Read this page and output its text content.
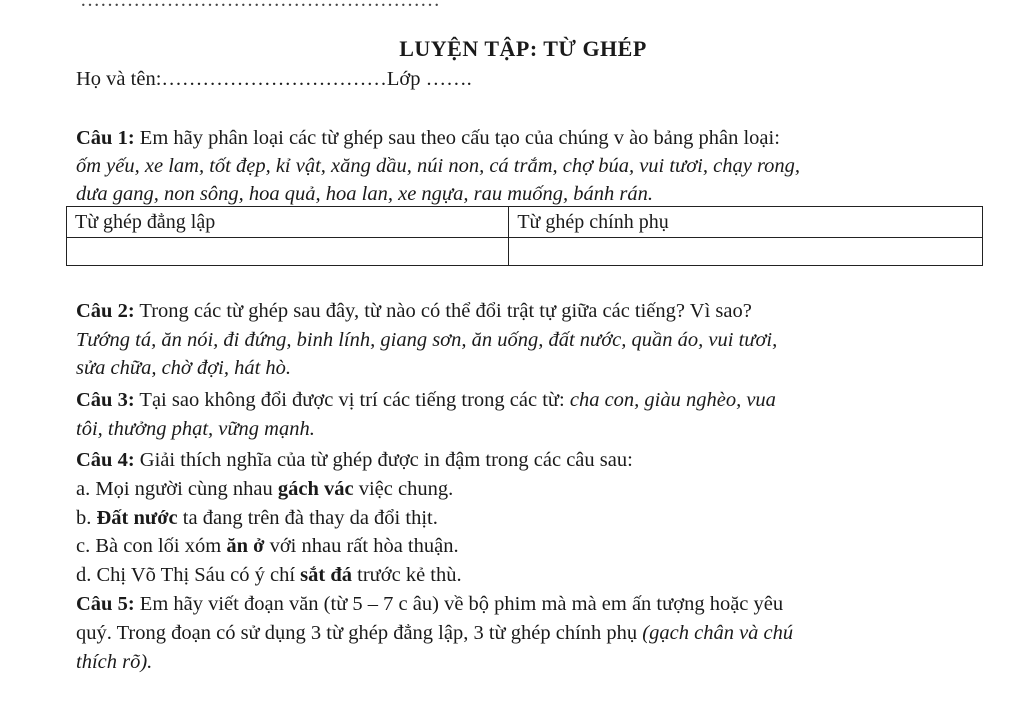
………………………………………………
LUYỆN TẬP: TỪ GHÉP
Họ và tên:……………………………Lớp …….
Câu 1: Em hãy phân loại các từ ghép sau theo cấu tạo của chúng v ào bảng phân loại:
ốm yếu, xe lam, tốt đẹp, kỉ vật, xăng dầu, núi non, cá trắm, chợ búa, vui tươi, chạy rong,
dưa gang, non sông, hoa quả, hoa lan, xe ngựa, rau muống, bánh rán.
Từ ghép đẳng lập	Từ ghép chính phụ

Câu 2: Trong các từ ghép sau đây, từ nào có thể đổi trật tự giữa các tiếng? Vì sao?
Tướng tá, ăn nói, đi đứng, binh lính, giang sơn, ăn uống, đất nước, quần áo, vui tươi,
sửa chữa, chờ đợi, hát hò.
Câu 3: Tại sao không đổi được vị trí các tiếng trong các từ: cha con, giàu nghèo, vua
tôi, thưởng phạt, vững mạnh.
Câu 4: Giải thích nghĩa của từ ghép được in đậm trong các câu sau:
a. Mọi người cùng nhau gách vác việc chung.
b. Đất nước ta đang trên đà thay da đổi thịt.
c. Bà con lối xóm ăn ở với nhau rất hòa thuận.
d. Chị Võ Thị Sáu có ý chí sắt đá trước kẻ thù.
Câu 5: Em hãy viết đoạn văn (từ 5 – 7 c âu) về bộ phim mà mà em ấn tượng hoặc yêu
quý. Trong đoạn có sử dụng 3 từ ghép đẳng lập, 3 từ ghép chính phụ (gạch chân và chú
thích rõ).
